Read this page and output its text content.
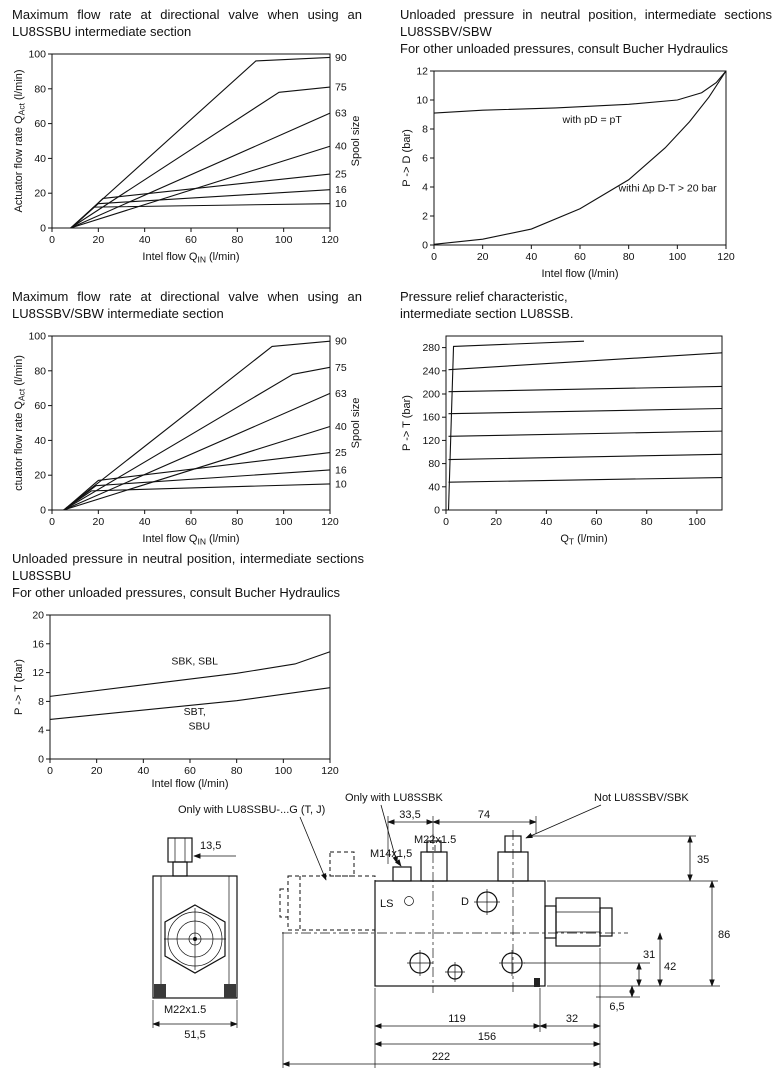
Maximum flow rate at directional valve when using an LU8SSBU intermediate section

0	20	40	60	80	100	120
0
20
40
60
80
100	90
75
63
40
25
16
10
Intel flow $Q_{IN}$ (l/min)
Actuator flow rate $Q_{Act}$ (l/min)
Spool size

Unloaded pressure in neutral position, intermediate sections LU8SSBV/SBW

For other unloaded pressures, consult Bucher Hydraulics

0	20	40	60	80	100	120
0
2
4
6
8
10
12
with pD = pT
withi ∆p D-T > 20 bar
Intel flow (l/min)
P -> D (bar)

Maximum flow rate at directional valve when using an LU8SSBV/SBW intermediate section

0	20	40	60	80	100	120
0
20
40
60
80
100	90
75
63
40
25
16
10
Intel flow $Q_{IN}$ (l/min)
ctuator flow rate $Q_{Act}$ (l/min)
Spool size

Pressure relief characteristic,

intermediate section LU8SSB.

0	20	40	60	80	100
0
40
80
120
160
200
240
280
$Q_T$ (l/min)
P -> T (bar)

Unloaded pressure in neutral position, intermediate sections LU8SSBU

For other unloaded pressures, consult Bucher Hydraulics

0	20	40	60	80	100	120
0
4
8
12
16
20
SBK, SBL
SBT,
SBU
Intel flow (l/min)
P -> T (bar)
Only with LU8SSBU-...G (T, J)
Only with LU8SSBK	Not LU8SSBV/SBK
13,5
M22x1.5
51,5
LS	D
M22x1.5
M14x1,5
33,5	74
35
86
31
42
6,5
119	32
156
222
